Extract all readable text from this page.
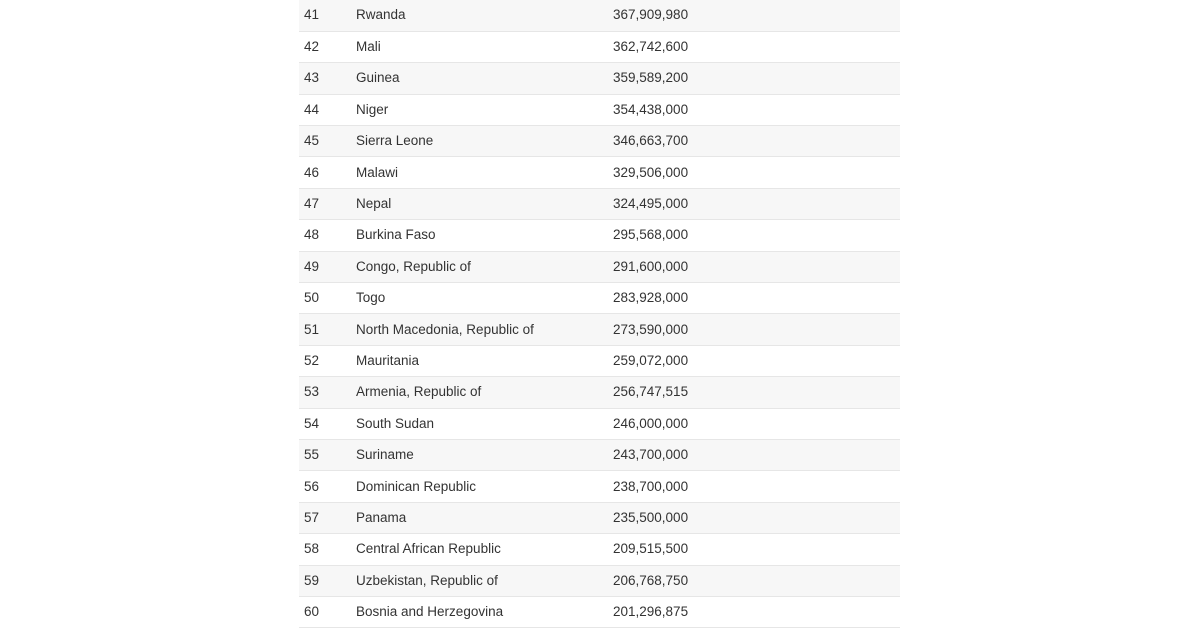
41	Rwanda	367,909,980
42	Mali	362,742,600
43	Guinea	359,589,200
44	Niger	354,438,000
45	Sierra Leone	346,663,700
46	Malawi	329,506,000
47	Nepal	324,495,000
48	Burkina Faso	295,568,000
49	Congo, Republic of	291,600,000
50	Togo	283,928,000
51	North Macedonia, Republic of	273,590,000
52	Mauritania	259,072,000
53	Armenia, Republic of	256,747,515
54	South Sudan	246,000,000
55	Suriname	243,700,000
56	Dominican Republic	238,700,000
57	Panama	235,500,000
58	Central African Republic	209,515,500
59	Uzbekistan, Republic of	206,768,750
60	Bosnia and Herzegovina	201,296,875
